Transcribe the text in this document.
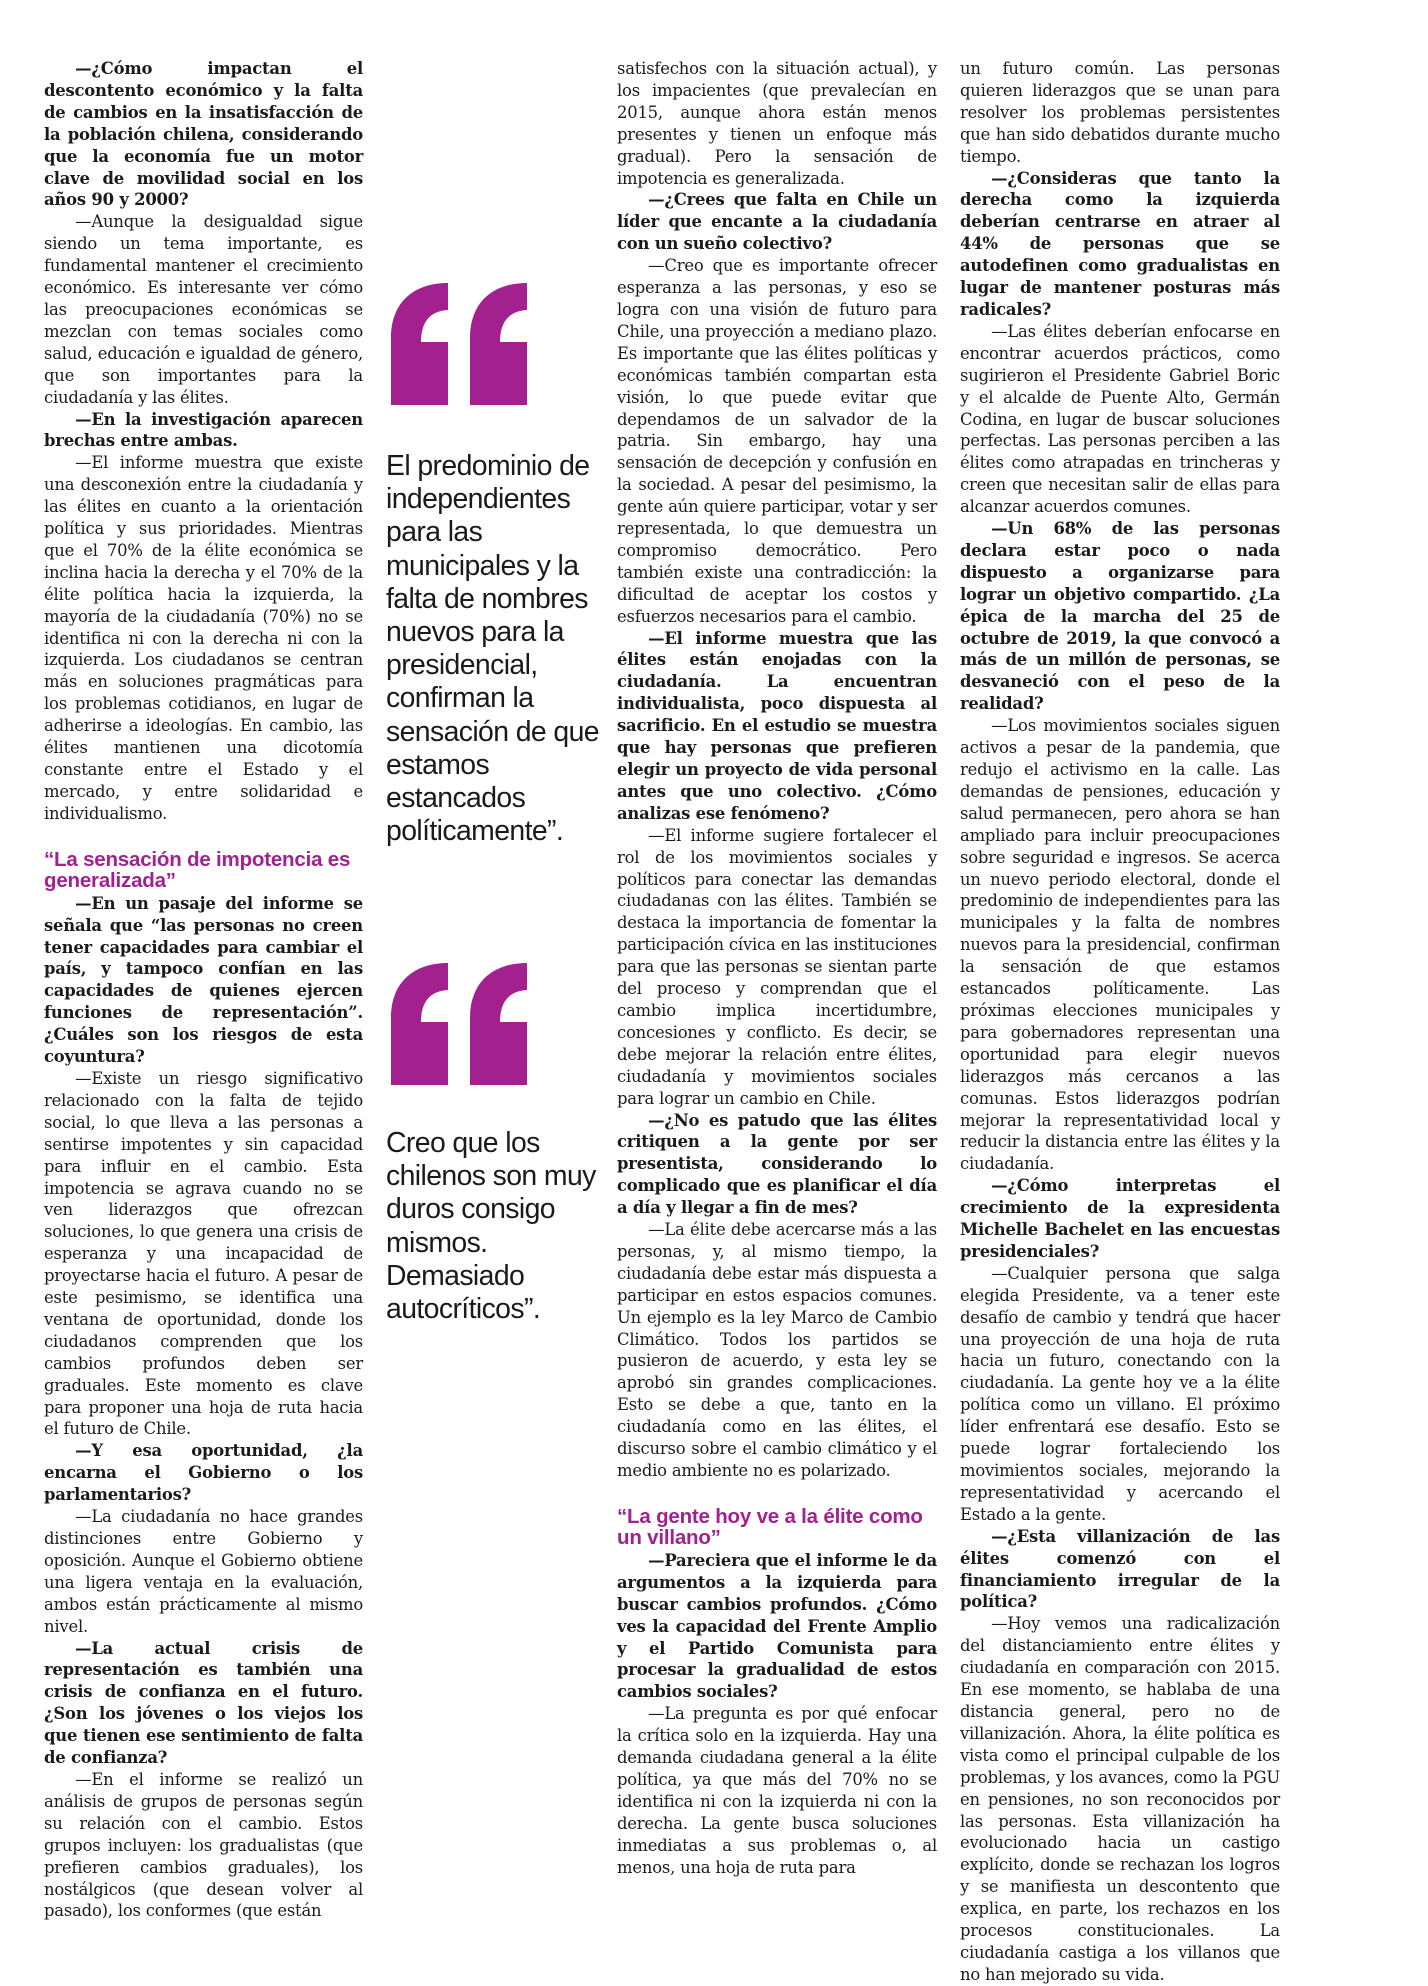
—¿Cómo impactan el descontento económico y la falta de cambios en la insatisfacción de la población chilena, considerando que la economía fue un motor clave de movilidad social en los años 90 y 2000?

—Aunque la desigualdad sigue siendo un tema importante, es fundamental mantener el crecimiento económico. Es interesante ver cómo las preocupaciones económicas se mezclan con temas sociales como salud, educación e igualdad de género, que son importantes para la ciudadanía y las élites.

—En la investigación aparecen brechas entre ambas.

—El informe muestra que existe una desconexión entre la ciudadanía y las élites en cuanto a la orientación política y sus prioridades. Mientras que el 70% de la élite económica se inclina hacia la derecha y el 70% de la élite política hacia la izquierda, la mayoría de la ciudadanía (70%) no se identifica ni con la derecha ni con la izquierda. Los ciudadanos se centran más en soluciones pragmáticas para los problemas cotidianos, en lugar de adherirse a ideologías. En cambio, las élites mantienen una dicotomía constante entre el Estado y el mercado, y entre solidaridad e individualismo.

“La sensación de impotencia es generalizada”

—En un pasaje del informe se señala que “las personas no creen tener capacidades para cambiar el país, y tampoco confían en las capacidades de quienes ejercen funciones de representación”. ¿Cuáles son los riesgos de esta coyuntura?

—Existe un riesgo significativo relacionado con la falta de tejido social, lo que lleva a las personas a sentirse impotentes y sin capacidad para influir en el cambio. Esta impotencia se agrava cuando no se ven liderazgos que ofrezcan soluciones, lo que genera una crisis de esperanza y una incapacidad de proyectarse hacia el futuro. A pesar de este pesimismo, se identifica una ventana de oportunidad, donde los ciudadanos comprenden que los cambios profundos deben ser graduales. Este momento es clave para proponer una hoja de ruta hacia el futuro de Chile.

—Y esa oportunidad, ¿la encarna el Gobierno o los parlamentarios?

—La ciudadanía no hace grandes distinciones entre Gobierno y oposición. Aunque el Gobierno obtiene una ligera ventaja en la evaluación, ambos están prácticamente al mismo nivel.

—La actual crisis de representación es también una crisis de confianza en el futuro. ¿Son los jóvenes o los viejos los que tienen ese sentimiento de falta de confianza?

—En el informe se realizó un análisis de grupos de personas según su relación con el cambio. Estos grupos incluyen: los gradualistas (que prefieren cambios graduales), los nostálgicos (que desean volver al pasado), los conformes (que están

El predominio de independientes para las municipales y la falta de nombres nuevos para la presidencial, confirman la sensación de que estamos estancados políticamente”.

Creo que los chilenos son muy duros consigo mismos. Demasiado autocríticos”.

satisfechos con la situación actual), y los impacientes (que prevalecían en 2015, aunque ahora están menos presentes y tienen un enfoque más gradual). Pero la sensación de impotencia es generalizada.

—¿Crees que falta en Chile un líder que encante a la ciudadanía con un sueño colectivo?

—Creo que es importante ofrecer esperanza a las personas, y eso se logra con una visión de futuro para Chile, una proyección a mediano plazo. Es importante que las élites políticas y económicas también compartan esta visión, lo que puede evitar que dependamos de un salvador de la patria. Sin embargo, hay una sensación de decepción y confusión en la sociedad. A pesar del pesimismo, la gente aún quiere participar, votar y ser representada, lo que demuestra un compromiso democrático. Pero también existe una contradicción: la dificultad de aceptar los costos y esfuerzos necesarios para el cambio.

—El informe muestra que las élites están enojadas con la ciudadanía. La encuentran individualista, poco dispuesta al sacrificio. En el estudio se muestra que hay personas que prefieren elegir un proyecto de vida personal antes que uno colectivo. ¿Cómo analizas ese fenómeno?

—El informe sugiere fortalecer el rol de los movimientos sociales y políticos para conectar las demandas ciudadanas con las élites. También se destaca la importancia de fomentar la participación cívica en las instituciones para que las personas se sientan parte del proceso y comprendan que el cambio implica incertidumbre, concesiones y conflicto. Es decir, se debe mejorar la relación entre élites, ciudadanía y movimientos sociales para lograr un cambio en Chile.

—¿No es patudo que las élites critiquen a la gente por ser presentista, considerando lo complicado que es planificar el día a día y llegar a fin de mes?

—La élite debe acercarse más a las personas, y, al mismo tiempo, la ciudadanía debe estar más dispuesta a participar en estos espacios comunes. Un ejemplo es la ley Marco de Cambio Climático. Todos los partidos se pusieron de acuerdo, y esta ley se aprobó sin grandes complicaciones. Esto se debe a que, tanto en la ciudadanía como en las élites, el discurso sobre el cambio climático y el medio ambiente no es polarizado.

“La gente hoy ve a la élite como un villano”

—Pareciera que el informe le da argumentos a la izquierda para buscar cambios profundos. ¿Cómo ves la capacidad del Frente Amplio y el Partido Comunista para procesar la gradualidad de estos cambios sociales?

—La pregunta es por qué enfocar la crítica solo en la izquierda. Hay una demanda ciudadana general a la élite política, ya que más del 70% no se identifica ni con la izquierda ni con la derecha. La gente busca soluciones inmediatas a sus problemas o, al menos, una hoja de ruta para

un futuro común. Las personas quieren liderazgos que se unan para resolver los problemas persistentes que han sido debatidos durante mucho tiempo.

—¿Consideras que tanto la derecha como la izquierda deberían centrarse en atraer al 44% de personas que se autodefinen como gradualistas en lugar de mantener posturas más radicales?

—Las élites deberían enfocarse en encontrar acuerdos prácticos, como sugirieron el Presidente Gabriel Boric y el alcalde de Puente Alto, Germán Codina, en lugar de buscar soluciones perfectas. Las personas perciben a las élites como atrapadas en trincheras y creen que necesitan salir de ellas para alcanzar acuerdos comunes.

—Un 68% de las personas declara estar poco o nada dispuesto a organizarse para lograr un objetivo compartido. ¿La épica de la marcha del 25 de octubre de 2019, la que convocó a más de un millón de personas, se desvaneció con el peso de la realidad?

—Los movimientos sociales siguen activos a pesar de la pandemia, que redujo el activismo en la calle. Las demandas de pensiones, educación y salud permanecen, pero ahora se han ampliado para incluir preocupaciones sobre seguridad e ingresos. Se acerca un nuevo periodo electoral, donde el predominio de independientes para las municipales y la falta de nombres nuevos para la presidencial, confirman la sensación de que estamos estancados políticamente. Las próximas elecciones municipales y para gobernadores representan una oportunidad para elegir nuevos liderazgos más cercanos a las comunas. Estos liderazgos podrían mejorar la representatividad local y reducir la distancia entre las élites y la ciudadanía.

—¿Cómo interpretas el crecimiento de la expresidenta Michelle Bachelet en las encuestas presidenciales?

—Cualquier persona que salga elegida Presidente, va a tener este desafío de cambio y tendrá que hacer una proyección de una hoja de ruta hacia un futuro, conectando con la ciudadanía. La gente hoy ve a la élite política como un villano. El próximo líder enfrentará ese desafío. Esto se puede lograr fortaleciendo los movimientos sociales, mejorando la representatividad y acercando el Estado a la gente.

—¿Esta villanización de las élites comenzó con el financiamiento irregular de la política?

—Hoy vemos una radicalización del distanciamiento entre élites y ciudadanía en comparación con 2015. En ese momento, se hablaba de una distancia general, pero no de villanización. Ahora, la élite política es vista como el principal culpable de los problemas, y los avances, como la PGU en pensiones, no son reconocidos por las personas. Esta villanización ha evolucionado hacia un castigo explícito, donde se rechazan los logros y se manifiesta un descontento que explica, en parte, los rechazos en los procesos constitucionales. La ciudadanía castiga a los villanos que no han mejorado su vida.
